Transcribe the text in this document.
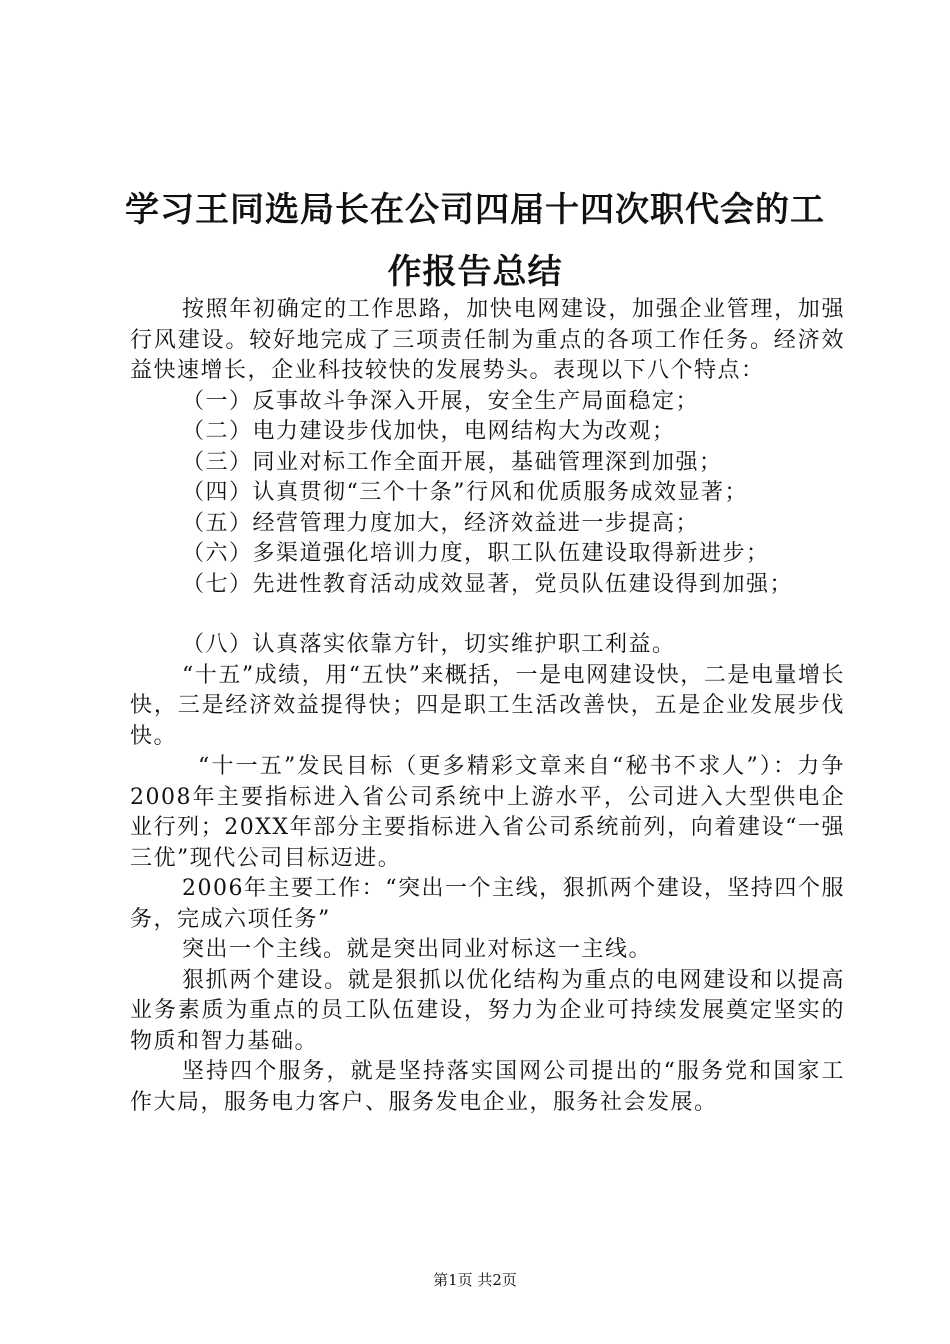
学习王同选局长在公司四届十四次职代会的工
作报告总结

按照年初确定的工作思路，加快电网建设，加强企业管理，加强行风建设。较好地完成了三项责任制为重点的各项工作任务。经济效益快速增长，企业科技较快的发展势头。表现以下八个特点：

（一）反事故斗争深入开展，安全生产局面稳定；

（二）电力建设步伐加快，电网结构大为改观；

（三）同业对标工作全面开展，基础管理深到加强；

（四）认真贯彻“三个十条”行风和优质服务成效显著；

（五）经营管理力度加大，经济效益进一步提高；

（六）多渠道强化培训力度，职工队伍建设取得新进步；

（七）先进性教育活动成效显著，党员队伍建设得到加强；

（八）认真落实依靠方针，切实维护职工利益。

“十五”成绩，用“五快”来概括，一是电网建设快，二是电量增长快，三是经济效益提得快；四是职工生活改善快，五是企业发展步伐快。

“十一五”发民目标（更多精彩文章来自“秘书不求人”）：力争2008年主要指标进入省公司系统中上游水平，公司进入大型供电企业行列；20XX年部分主要指标进入省公司系统前列，向着建设“一强三优”现代公司目标迈进。

2006年主要工作：“突出一个主线，狠抓两个建设，坚持四个服务，完成六项任务”

突出一个主线。就是突出同业对标这一主线。

狠抓两个建设。就是狠抓以优化结构为重点的电网建设和以提高业务素质为重点的员工队伍建设，努力为企业可持续发展奠定坚实的物质和智力基础。

坚持四个服务，就是坚持落实国网公司提出的“服务党和国家工作大局，服务电力客户、服务发电企业，服务社会发展。

第1页 共2页
